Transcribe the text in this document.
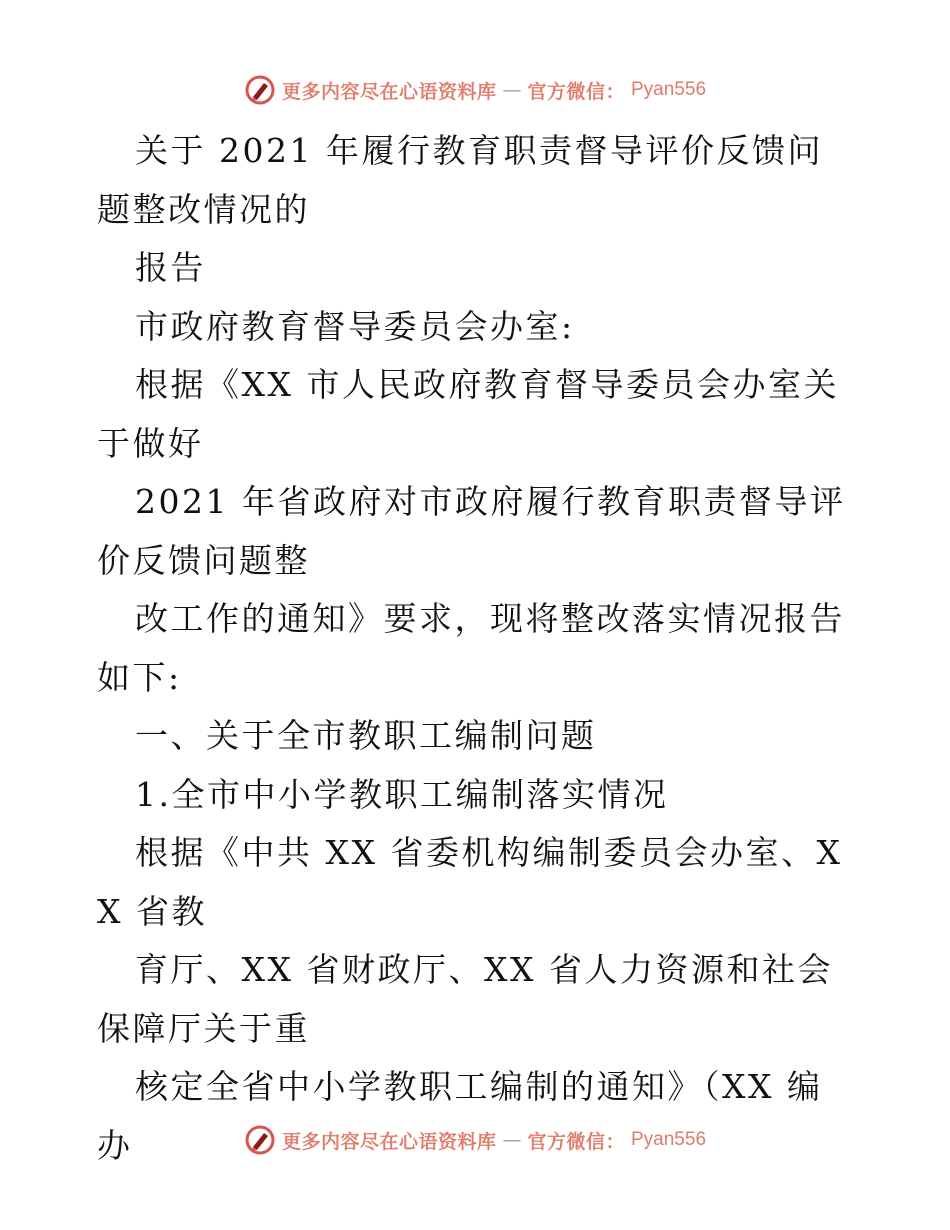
更多内容尽在心语资料库 — 官方微信： Pyan556

关于 2021 年履行教育职责督导评价反馈问题整改情况的

报告

市政府教育督导委员会办室:

根据《XX 市人民政府教育督导委员会办室关于做好

2021 年省政府对市政府履行教育职责督导评价反馈问题整

改工作的通知》要求，现将整改落实情况报告如下:

一、关于全市教职工编制问题

1.全市中小学教职工编制落实情况

根据《中共 XX 省委机构编制委员会办室、XX 省教

育厅、XX 省财政厅、XX 省人力资源和社会保障厅关于重

核定全省中小学教职工编制的通知》（XX 编 办	更多内容尽在心语资料库 — 官方微信： Pyan556
